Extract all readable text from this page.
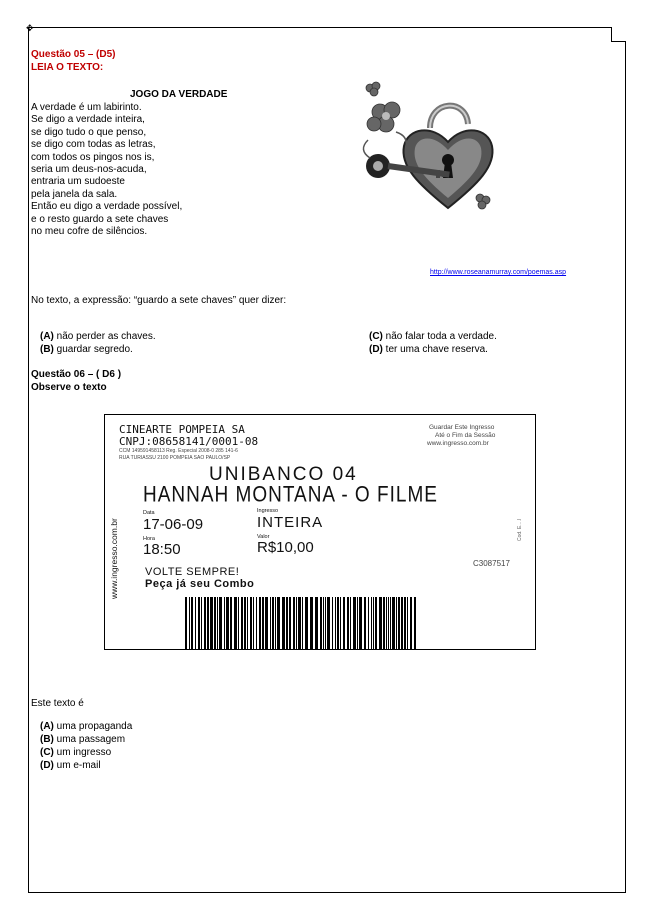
✥
Questão 05 – (D5)
LEIA O TEXTO:
JOGO DA VERDADE
A verdade é um labirinto.
Se digo a verdade inteira,
se digo tudo o que penso,
se digo com todas as letras,
com todos os pingos nos is,
seria um deus-nos-acuda,
entraria um sudoeste
pela janela da sala.
Então eu digo a verdade possível,
e o resto guardo a sete chaves
no meu cofre de silêncios.
http://www.roseanamurray.com/poemas.asp
No texto, a expressão: “guardo a sete chaves” quer dizer:
(A) não perder as chaves.
(B) guardar segredo.
(C) não falar toda a verdade.
(D) ter uma chave reserva.
Questão 06 – ( D6 )
Observe o texto
CINEARTE POMPEIA SA
CNPJ:08658141/0001-08
CCM 149591458113 Reg. Especial 2008-0 285 141-6
RUA TURIASSU 2100 POMPEIA SAO PAULO/SP
Guardar Este Ingresso
Até o Fim da Sessão
www.ingresso.com.br
UNIBANCO 04
HANNAH MONTANA - O FILME
Data
17-06-09
Ingresso
INTEIRA
Hora
18:50
Valor
R$10,00
C3087517
VOLTE SEMPRE!
Peça já seu Combo
www.ingresso.com.br	Cod. E....l
Este texto é
(A) uma propaganda
(B) uma passagem
(C) um ingresso
(D) um e-mail
